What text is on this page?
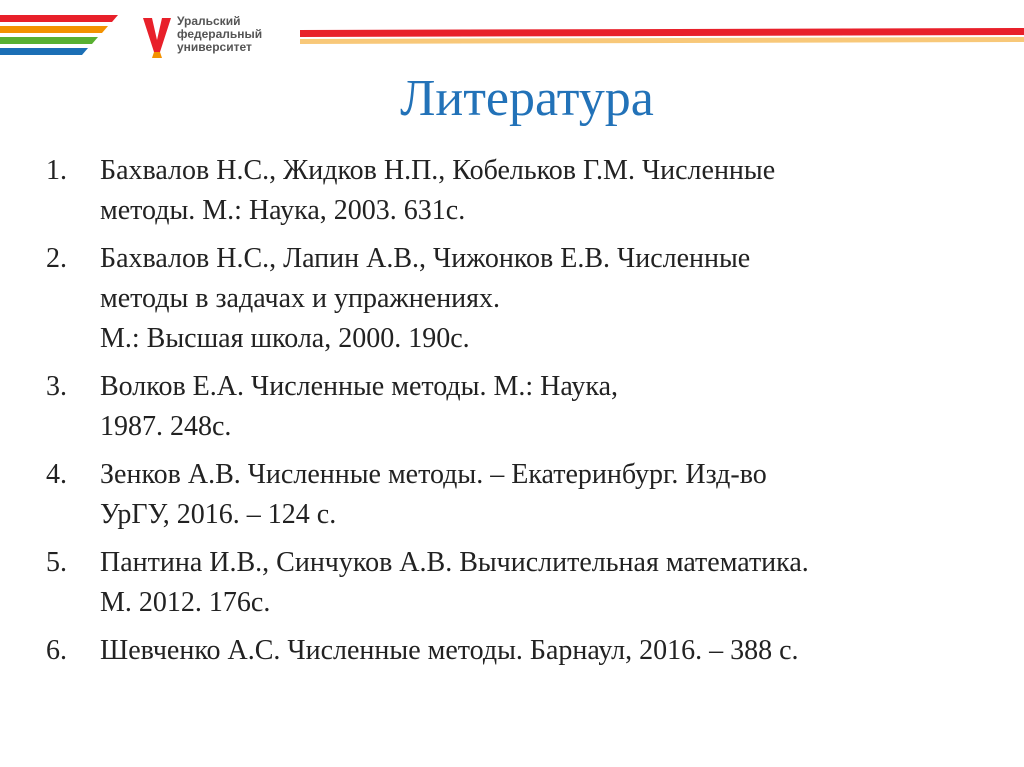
Уральский
федеральный
университет
Литература
1. Бахвалов Н.С., Жидков Н.П., Кобельков Г.М. Численные
методы. М.: Наука, 2003. 631с.
2. Бахвалов Н.С., Лапин А.В., Чижонков Е.В. Численные
методы в задачах и упражнениях.
М.: Высшая школа, 2000. 190с.
3. Волков Е.А. Численные методы. М.: Наука,
1987. 248с.
4. Зенков А.В. Численные методы. – Екатеринбург. Изд-во
УрГУ, 2016. – 124 с.
5. Пантина И.В., Синчуков А.В. Вычислительная математика.
М. 2012. 176с.
6. Шевченко А.С. Численные методы. Барнаул, 2016. – 388 с.
